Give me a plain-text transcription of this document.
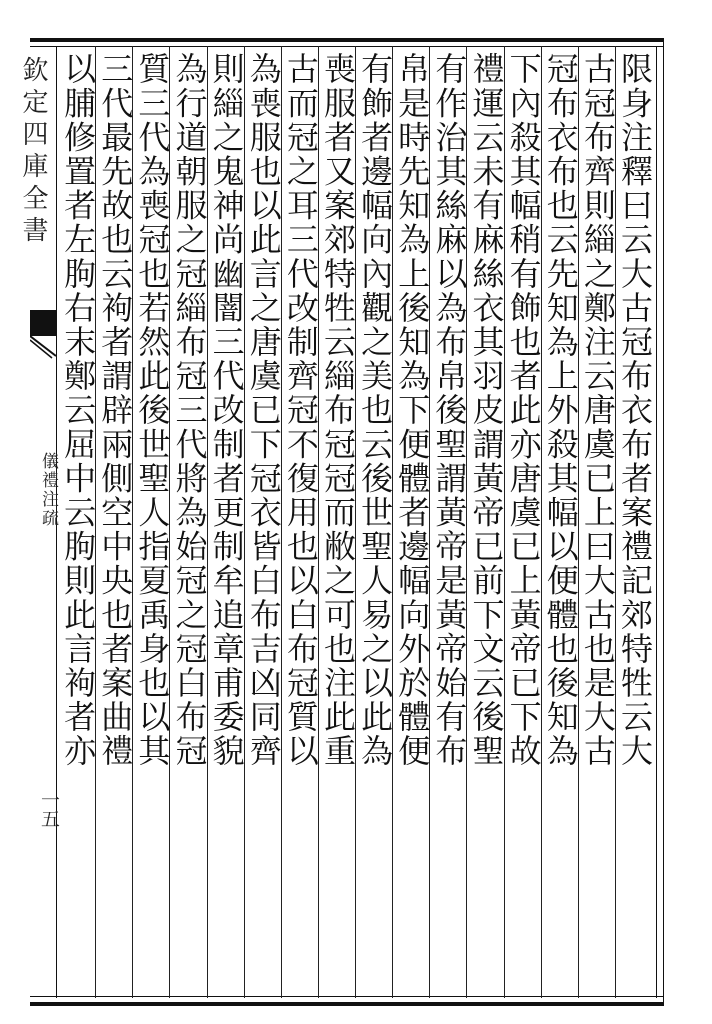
欽定四庫全書
儀禮注疏
一五
限身注釋曰云大古冠布衣布者案禮記郊特牲云大
古冠布齊則緇之鄭注云唐虞已上曰大古也是大古
冠布衣布也云先知為上外殺其幅以便體也後知為
下內殺其幅稍有飾也者此亦唐虞已上黃帝已下故
禮運云未有麻絲衣其羽皮謂黃帝已前下文云後聖
有作治其絲麻以為布帛後聖謂黃帝是黃帝始有布
帛是時先知為上後知為下便體者邊幅向外於體便
有飾者邊幅向內觀之美也云後世聖人易之以此為
喪服者又案郊特牲云緇布冠冠而敝之可也注此重
古而冠之耳三代改制齊冠不復用也以白布冠質以
為喪服也以此言之唐虞已下冠衣皆白布吉凶同齊
則緇之鬼神尚幽闇三代改制者更制牟追章甫委貌
為行道朝服之冠緇布冠三代將為始冠之冠白布冠
質三代為喪冠也若然此後世聖人指夏禹身也以其
三代最先故也云袧者謂辟兩側空中央也者案曲禮
以脯修置者左朐右末鄭云屈中云朐則此言袧者亦
